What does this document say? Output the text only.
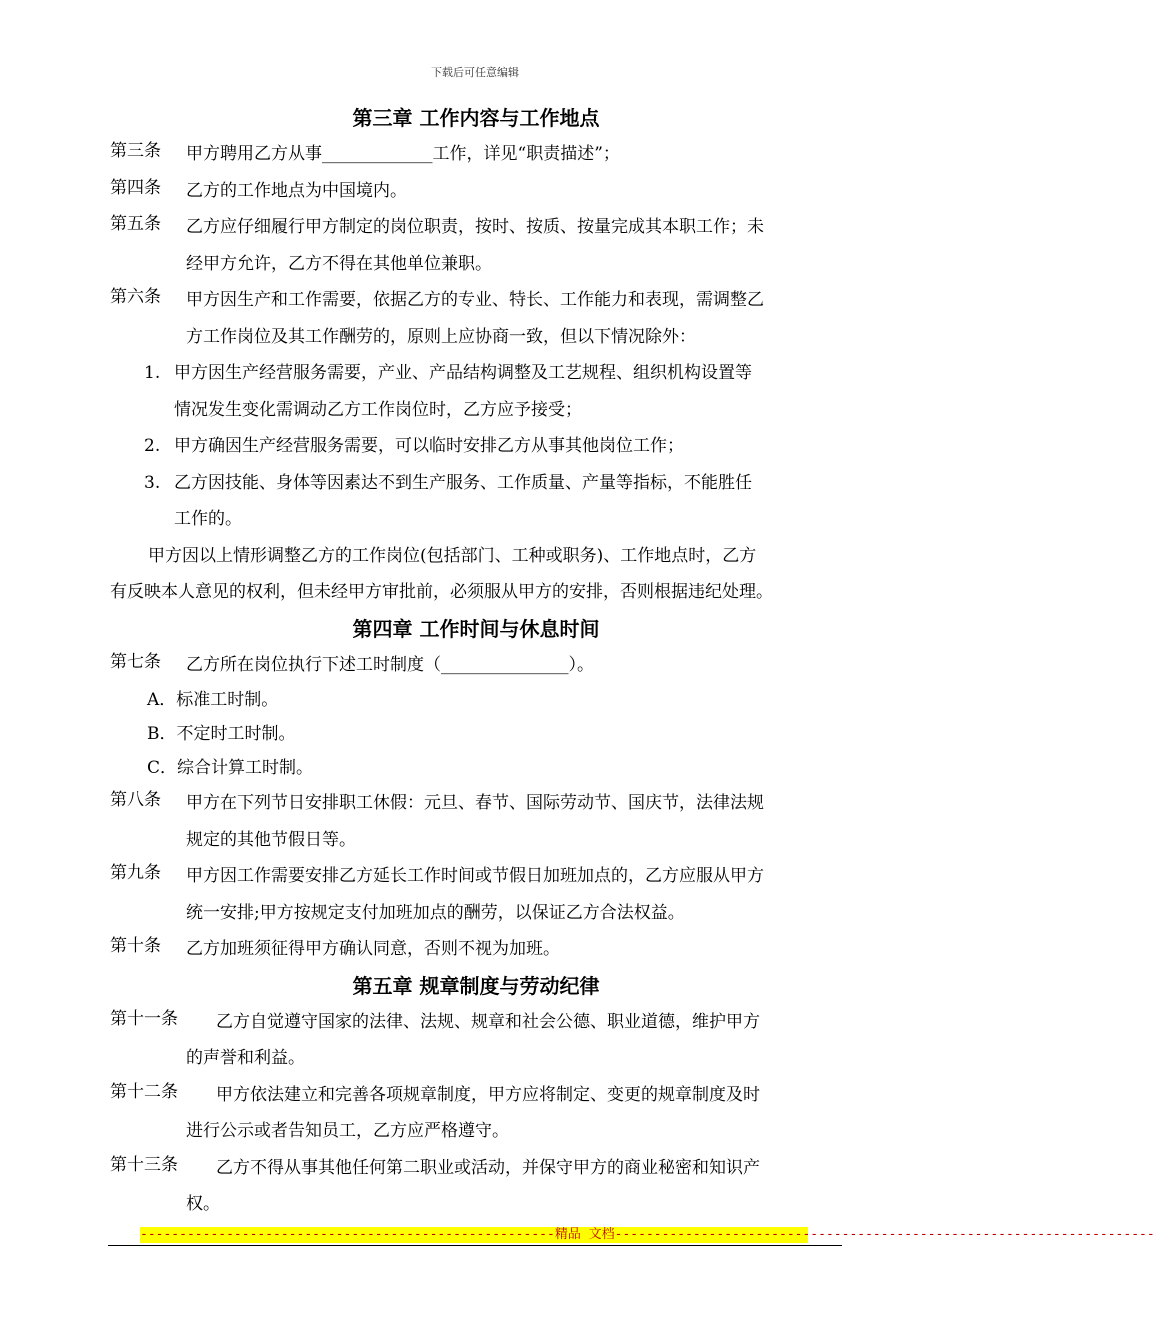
下载后可任意编辑
第三章 工作内容与工作地点
第三条	甲方聘用乙方从事_____________工作，详见“职责描述”；
第四条	乙方的工作地点为中国境内。
第五条	乙方应仔细履行甲方制定的岗位职责，按时、按质、按量完成其本职工作；未
经甲方允许，乙方不得在其他单位兼职。
第六条	甲方因生产和工作需要，依据乙方的专业、特长、工作能力和表现，需调整乙
方工作岗位及其工作酬劳的，原则上应协商一致，但以下情况除外：
1. 甲方因生产经营服务需要，产业、产品结构调整及工艺规程、组织机构设置等
情况发生变化需调动乙方工作岗位时，乙方应予接受；
2. 甲方确因生产经营服务需要，可以临时安排乙方从事其他岗位工作；
3. 乙方因技能、身体等因素达不到生产服务、工作质量、产量等指标，不能胜任
工作的。
甲方因以上情形调整乙方的工作岗位(包括部门、工种或职务)、工作地点时，乙方
有反映本人意见的权利，但未经甲方审批前，必须服从甲方的安排，否则根据违纪处理。
第四章 工作时间与休息时间
第七条	乙方所在岗位执行下述工时制度（_______________）。
A．标准工时制。
B．不定时工时制。
C．综合计算工时制。
第八条	甲方在下列节日安排职工休假：元旦、春节、国际劳动节、国庆节，法律法规
规定的其他节假日等。
第九条	甲方因工作需要安排乙方延长工作时间或节假日加班加点的，乙方应服从甲方
统一安排;甲方按规定支付加班加点的酬劳，以保证乙方合法权益。
第十条	乙方加班须征得甲方确认同意，否则不视为加班。
第五章 规章制度与劳动纪律
第十一条	乙方自觉遵守国家的法律、法规、规章和社会公德、职业道德，维护甲方
的声誉和利益。
第十二条	甲方依法建立和完善各项规章制度，甲方应将制定、变更的规章制度及时
进行公示或者告知员工，乙方应严格遵守。
第十三条	乙方不得从事其他任何第二职业或活动，并保守甲方的商业秘密和知识产
权。
-----------------------------------------------------精品 文档---------------------------------------------------------------------
